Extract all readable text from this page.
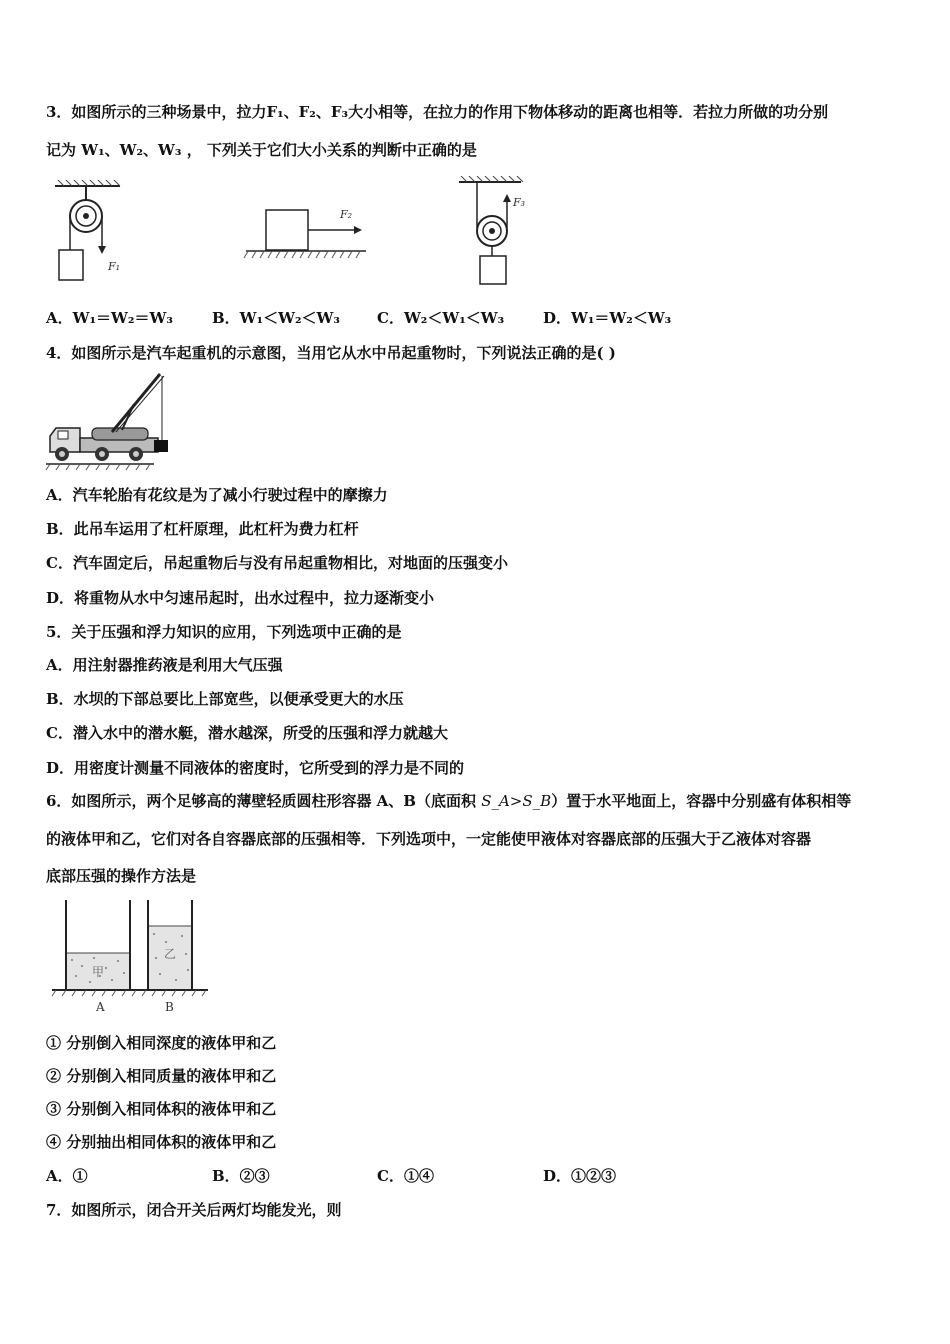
3．如图所示的三种场景中，拉力F₁、F₂、F₃大小相等，在拉力的作用下物体移动的距离也相等．若拉力所做的功分别
记为 W₁、W₂、W₃ ， 下列关于它们大小关系的判断中正确的是
F₁
F₂
F₃
A．W₁＝W₂＝W₃	B．W₁＜W₂＜W₃ C．W₂＜W₁＜W₃	D．W₁＝W₂＜W₃
4．如图所示是汽车起重机的示意图，当用它从水中吊起重物时，下列说法正确的是( )
A．汽车轮胎有花纹是为了减小行驶过程中的摩擦力
B．此吊车运用了杠杆原理，此杠杆为费力杠杆
C．汽车固定后，吊起重物后与没有吊起重物相比，对地面的压强变小
D．将重物从水中匀速吊起时，出水过程中，拉力逐渐变小
5．关于压强和浮力知识的应用，下列选项中正确的是
A．用注射器推药液是利用大气压强
B．水坝的下部总要比上部宽些，以便承受更大的水压
C．潜入水中的潜水艇，潜水越深，所受的压强和浮力就越大
D．用密度计测量不同液体的密度时，它所受到的浮力是不同的
6．如图所示，两个足够高的薄壁轻质圆柱形容器 A、B（底面积 S_A>S_B）置于水平地面上，容器中分别盛有体积相等
的液体甲和乙，它们对各自容器底部的压强相等．下列选项中，一定能使甲液体对容器底部的压强大于乙液体对容器
底部压强的操作方法是
甲
乙
A	B
① 分别倒入相同深度的液体甲和乙
② 分别倒入相同质量的液体甲和乙
③ 分别倒入相同体积的液体甲和乙
④ 分别抽出相同体积的液体甲和乙
A．①	B．②③	C．①④	D．①②③
7．如图所示，闭合开关后两灯均能发光，则
